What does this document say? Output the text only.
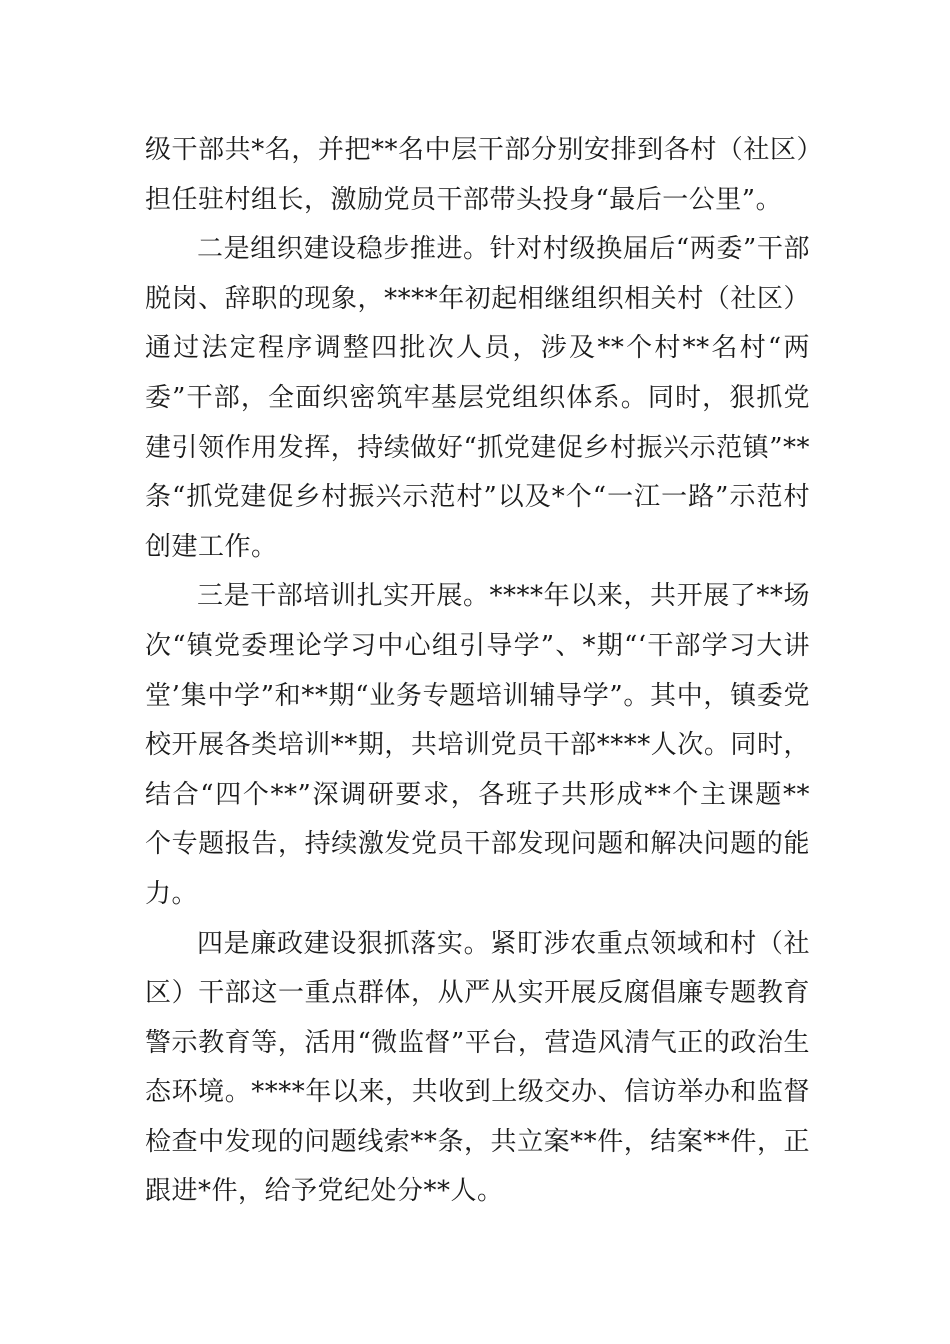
级干部共*名，并把**名中层干部分别安排到各村（社区）担任驻村组长，激励党员干部带头投身“最后一公里”。

二是组织建设稳步推进。针对村级换届后“两委”干部脱岗、辞职的现象，****年初起相继组织相关村（社区）通过法定程序调整四批次人员，涉及**个村**名村“两委”干部，全面织密筑牢基层党组织体系。同时，狠抓党建引领作用发挥，持续做好“抓党建促乡村振兴示范镇”**条“抓党建促乡村振兴示范村”以及*个“一江一路”示范村创建工作。

三是干部培训扎实开展。****年以来，共开展了**场次“镇党委理论学习中心组引导学”、*期“‘干部学习大讲堂’集中学”和**期“业务专题培训辅导学”。其中，镇委党校开展各类培训**期，共培训党员干部****人次。同时，结合“四个**”深调研要求，各班子共形成**个主课题**个专题报告，持续激发党员干部发现问题和解决问题的能力。

四是廉政建设狠抓落实。紧盯涉农重点领域和村（社区）干部这一重点群体，从严从实开展反腐倡廉专题教育警示教育等，活用“微监督”平台，营造风清气正的政治生态环境。****年以来，共收到上级交办、信访举办和监督检查中发现的问题线索**条，共立案**件，结案**件，正跟进*件，给予党纪处分**人。
